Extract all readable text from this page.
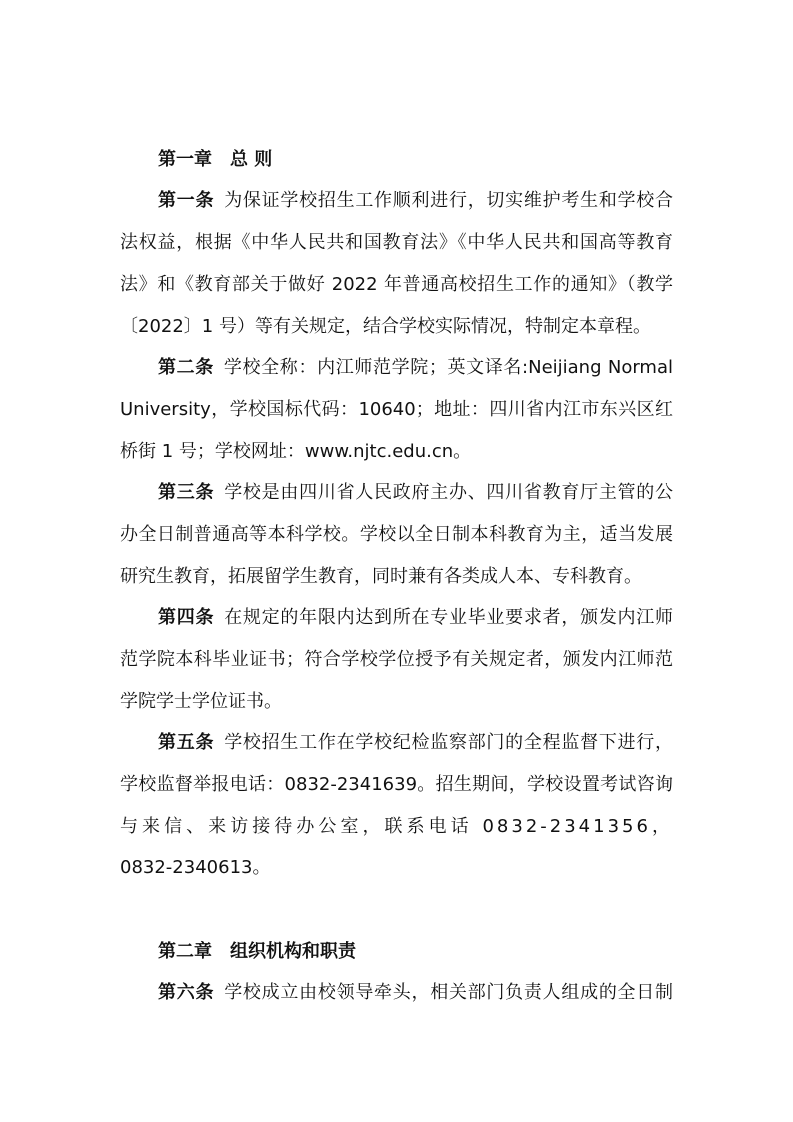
第一章 总 则
第一条 为保证学校招生工作顺利进行，切实维护考生和学校合
法权益，根据《中华人民共和国教育法》《中华人民共和国高等教育
法》和《教育部关于做好 2022 年普通高校招生工作的通知》（教学
〔2022〕1 号）等有关规定，结合学校实际情况，特制定本章程。
第二条 学校全称：内江师范学院；英文译名:Neijiang Normal
University，学校国标代码：10640；地址：四川省内江市东兴区红
桥街 1 号；学校网址：www.njtc.edu.cn。
第三条 学校是由四川省人民政府主办、四川省教育厅主管的公
办全日制普通高等本科学校。学校以全日制本科教育为主，适当发展
研究生教育，拓展留学生教育，同时兼有各类成人本、专科教育。
第四条 在规定的年限内达到所在专业毕业要求者，颁发内江师
范学院本科毕业证书；符合学校学位授予有关规定者，颁发内江师范
学院学士学位证书。
第五条 学校招生工作在学校纪检监察部门的全程监督下进行，
学校监督举报电话：0832-2341639。招生期间，学校设置考试咨询
与来信、来访接待办公室，联系电话 0832-2341356，
0832-2340613。
第二章 组织机构和职责
第六条 学校成立由校领导牵头，相关部门负责人组成的全日制
